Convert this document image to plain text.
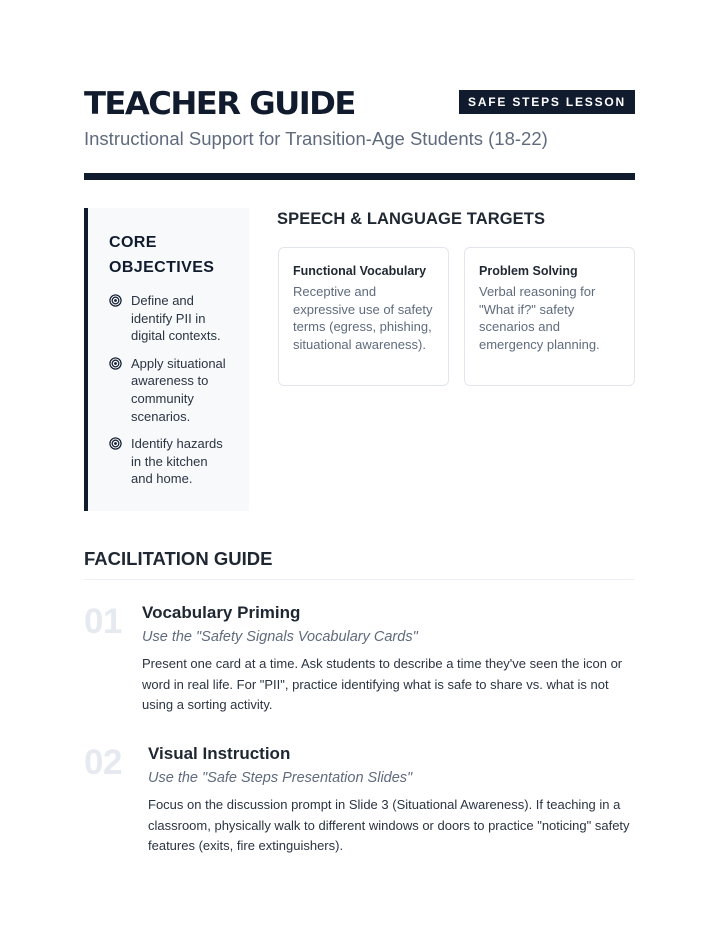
TEACHER GUIDE	SAFE STEPS LESSON
Instructional Support for Transition-Age Students (18-22)
CORE OBJECTIVES
Define and identify PII in digital contexts.
Apply situational awareness to community scenarios.
Identify hazards in the kitchen and home.
SPEECH & LANGUAGE TARGETS
Functional Vocabulary
Receptive and expressive use of safety terms (egress, phishing, situational awareness).
Problem Solving
Verbal reasoning for "What if?" safety scenarios and emergency planning.
FACILITATION GUIDE
01 Vocabulary Priming
Use the "Safety Signals Vocabulary Cards"
Present one card at a time. Ask students to describe a time they've seen the icon or word in real life. For "PII", practice identifying what is safe to share vs. what is not using a sorting activity.
02 Visual Instruction
Use the "Safe Steps Presentation Slides"
Focus on the discussion prompt in Slide 3 (Situational Awareness). If teaching in a classroom, physically walk to different windows or doors to practice "noticing" safety features (exits, fire extinguishers).
